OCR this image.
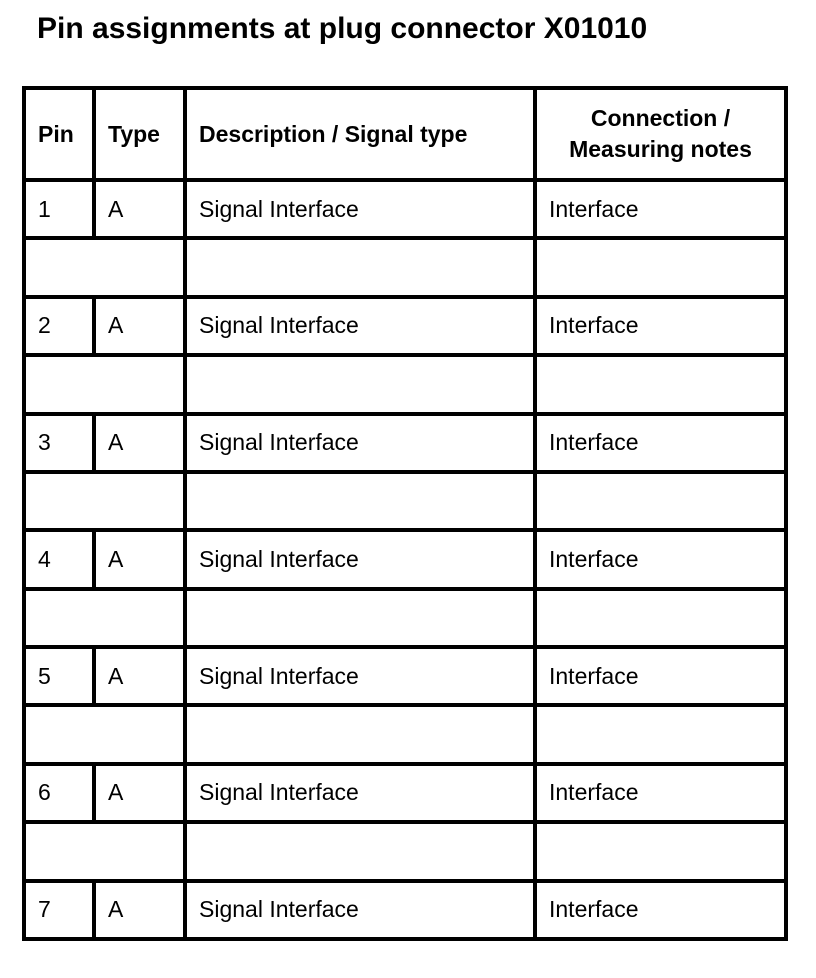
Pin assignments at plug connector X01010
Pin	Type	Description / Signal type	Connection /
Measuring notes
1	A	Signal Interface	Interface

2	A	Signal Interface	Interface

3	A	Signal Interface	Interface

4	A	Signal Interface	Interface

5	A	Signal Interface	Interface

6	A	Signal Interface	Interface

7	A	Signal Interface	Interface
